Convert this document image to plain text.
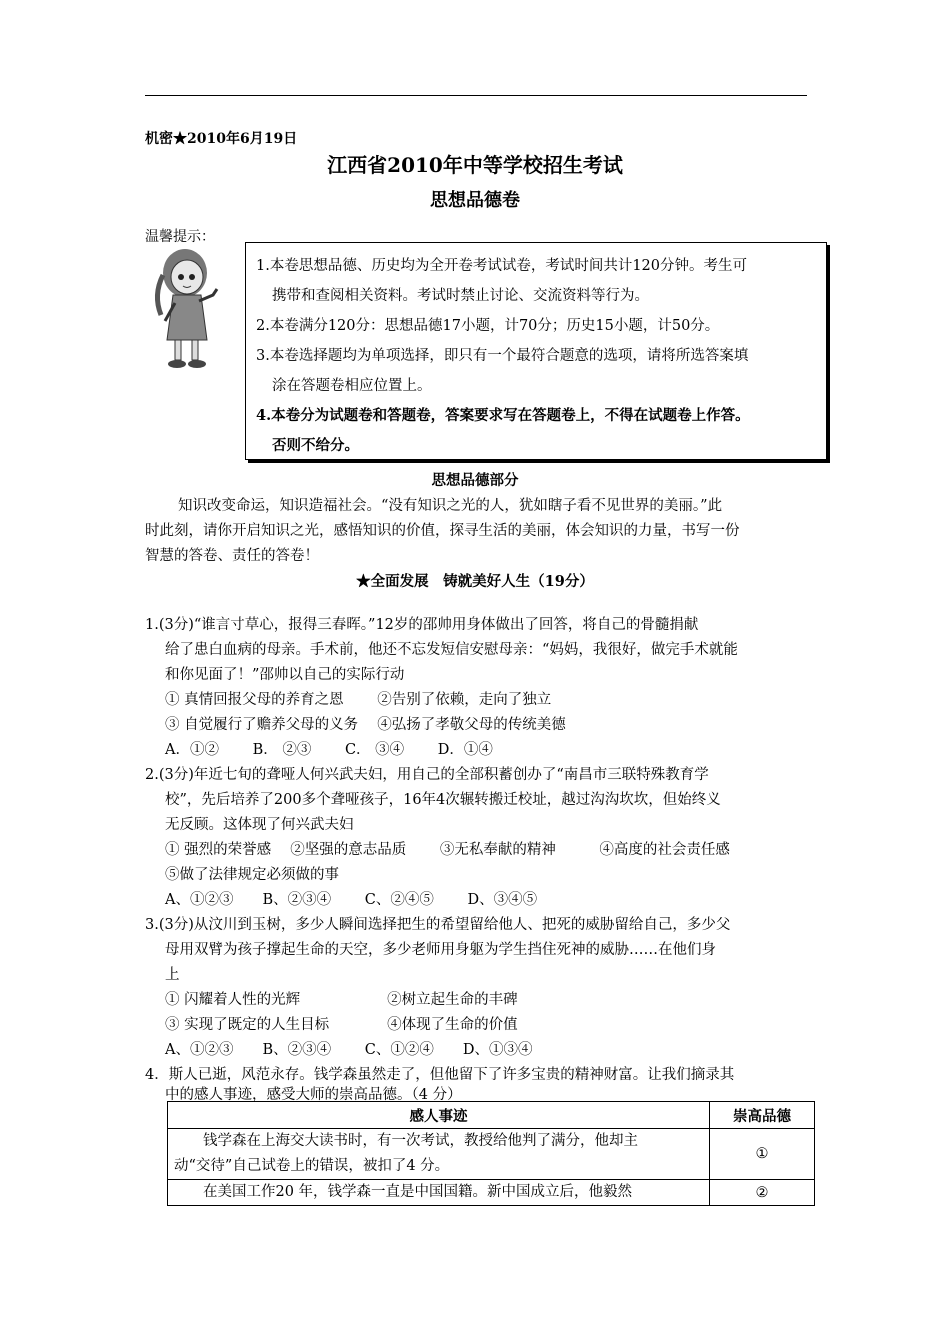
机密★2010年6月19日
江西省2010年中等学校招生考试
思想品德卷
温馨提示：
1.本卷思想品德、历史均为全开卷考试试卷，考试时间共计120分钟。考生可
携带和查阅相关资料。考试时禁止讨论、交流资料等行为。
2.本卷满分120分：思想品德17小题，计70分；历史15小题，计50分。
3.本卷选择题均为单项选择，即只有一个最符合题意的选项，请将所选答案填
涂在答题卷相应位置上。
4.本卷分为试题卷和答题卷，答案要求写在答题卷上，不得在试题卷上作答。
否则不给分。
思想品德部分
知识改变命运，知识造福社会。“没有知识之光的人，犹如瞎子看不见世界的美丽。”此
时此刻，请你开启知识之光，感悟知识的价值，探寻生活的美丽，体会知识的力量，书写一份
智慧的答卷、责任的答卷！
★全面发展　铸就美好人生（19分）
1.(3分)“谁言寸草心，报得三春晖。”12岁的邵帅用身体做出了回答，将自己的骨髓捐献
给了患白血病的母亲。手术前，他还不忘发短信安慰母亲：“妈妈，我很好，做完手术就能
和你见面了！”邵帅以自己的实际行动
① 真情回报父母的养育之恩　　 ②告别了依赖，走向了独立
③ 自觉履行了赡养父母的义务　 ④弘扬了孝敬父母的传统美德
A．①②　　 B． ②③　　 C． ③④　　 D．①④
2.(3分)年近七旬的聋哑人何兴武夫妇，用自己的全部积蓄创办了“南昌市三联特殊教育学
校”，先后培养了200多个聋哑孩子，16年4次辗转搬迁校址，越过沟沟坎坎，但始终义
无反顾。这体现了何兴武夫妇
① 强烈的荣誉感　 ②坚强的意志品质　　 ③无私奉献的精神　　　④高度的社会责任感
⑤做了法律规定必须做的事
A、①②③　　B、②③④　　 C、②④⑤　　 D、③④⑤
3.(3分)从汶川到玉树，多少人瞬间选择把生的希望留给他人、把死的威胁留给自己，多少父
母用双臂为孩子撑起生命的天空，多少老师用身躯为学生挡住死神的威胁……在他们身
上
① 闪耀着人性的光辉　　　　　　②树立起生命的丰碑
③ 实现了既定的人生目标　　　　④体现了生命的价值
A、①②③　　B、②③④　　 C、①②④　　D、①③④
4．斯人已逝，风范永存。钱学森虽然走了，但他留下了许多宝贵的精神财富。让我们摘录其
中的感人事迹，感受大师的崇高品德。（4 分）
感人事迹	崇高品德

　　钱学森在上海交大读书时，有一次考试，教授给他判了满分，他却主
动“交待”自己试卷上的错误，被扣了4 分。	①

　　在美国工作20 年，钱学森一直是中国国籍。新中国成立后，他毅然	②
